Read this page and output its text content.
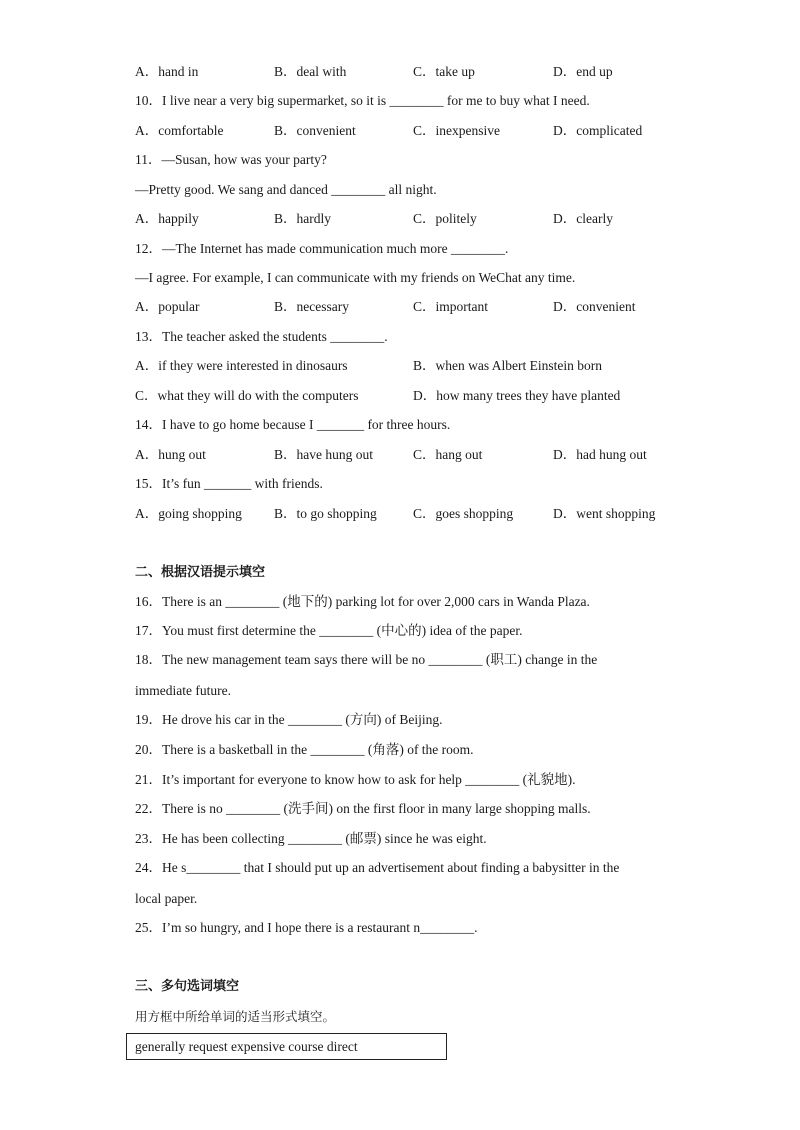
A．hand in	B．deal with	C．take up	D．end up
10．I live near a very big supermarket, so it is ________ for me to buy what I need.
A．comfortable	B．convenient	C．inexpensive	D．complicated
11．—Susan, how was your party?
—Pretty good. We sang and danced ________ all night.
A．happily	B．hardly	C．politely	D．clearly
12．—The Internet has made communication much more ________.
—I agree. For example, I can communicate with my friends on WeChat any time.
A．popular	B．necessary	C．important	D．convenient
13．The teacher asked the students ________.
A．if they were interested in dinosaurs	B．when was Albert Einstein born
C．what they will do with the computers	D．how many trees they have planted
14．I have to go home because I _______ for three hours.
A．hung out	B．have hung out	C．hang out	D．had hung out
15．It’s fun _______ with friends.
A．going shopping B．to go shopping	C．goes shopping	D．went shopping
二、根据汉语提示填空
16．There is an ________ (地下的) parking lot for over 2,000 cars in Wanda Plaza.
17．You must first determine the ________ (中心的) idea of the paper.
18．The new management team says there will be no ________ (职工) change in the
immediate future.
19．He drove his car in the ________ (方向) of Beijing.
20．There is a basketball in the ________ (角落) of the room.
21．It’s important for everyone to know how to ask for help ________ (礼貌地).
22．There is no ________ (洗手间) on the first floor in many large shopping malls.
23．He has been collecting ________ (邮票) since he was eight.
24．He s________ that I should put up an advertisement about finding a babysitter in the
local paper.
25．I’m so hungry, and I hope there is a restaurant n________.
三、多句选词填空
用方框中所给单词的适当形式填空。
generally request expensive course direct
